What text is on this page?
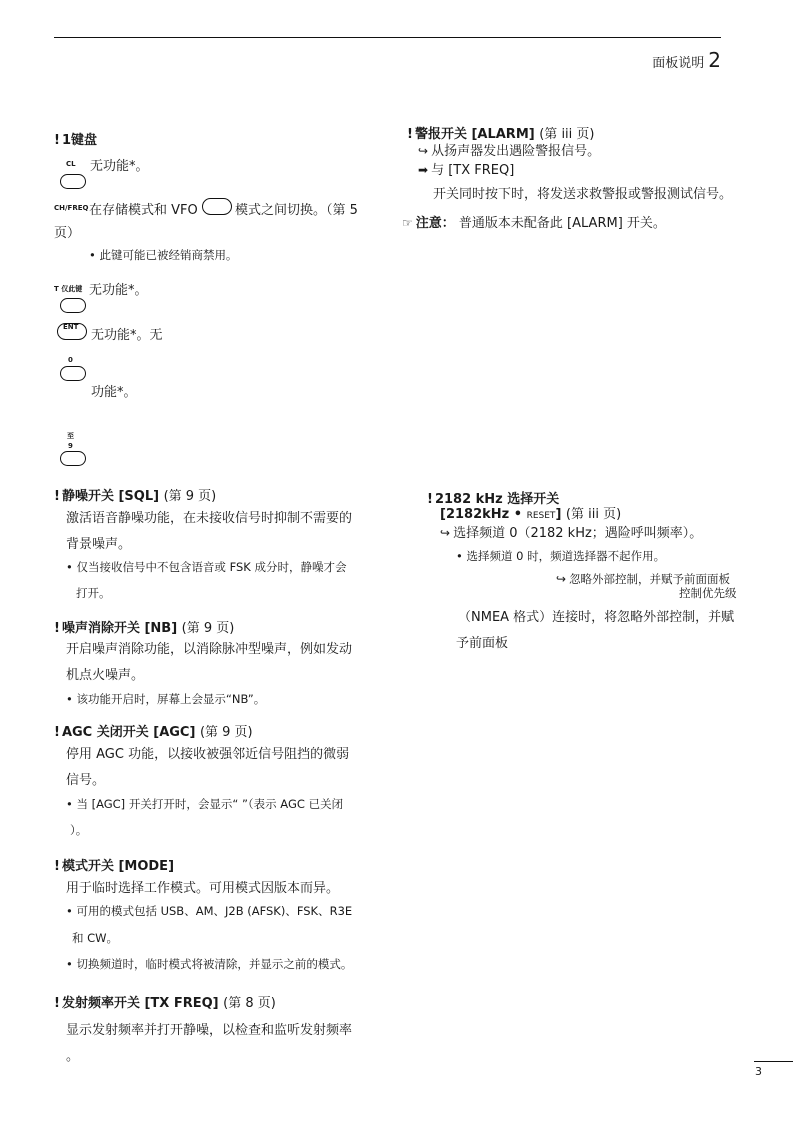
面板说明 2
! 1键盘
CL 无功能*。
CH/FREQ 在存储模式和 VFO	模式之间切换。（第 5
页）
• 此键可能已被经销商禁用。
T 仅此键 无功能*。
ENT
无功能*。无
0
功能*。
至
9
! 静噪开关 [SQL] (第 9 页)
激活语音静噪功能，在未接收信号时抑制不需要的
背景噪声。
• 仅当接收信号中不包含语音或 FSK 成分时，静噪才会
打开。
! 噪声消除开关 [NB] (第 9 页)
开启噪声消除功能，以消除脉冲型噪声，例如发动
机点火噪声。
• 该功能开启时，屏幕上会显示“NB”。
! AGC 关闭开关 [AGC] (第 9 页)
停用 AGC 功能，以接收被强邻近信号阻挡的微弱
信号。
• 当 [AGC] 开关打开时，会显示“ ”（表示 AGC 已关闭
）。
! 模式开关 [MODE]
用于临时选择工作模式。可用模式因版本而异。
• 可用的模式包括 USB、AM、J2B (AFSK)、FSK、R3E
和 CW。
• 切换频道时，临时模式将被清除，并显示之前的模式。
! 发射频率开关 [TX FREQ] (第 8 页)
显示发射频率并打开静噪，以检查和监听发射频率
。
! 警报开关 [ALARM] (第 iii 页)
↪ 从扬声器发出遇险警报信号。
➡ 与 [TX FREQ]
开关同时按下时，将发送求救警报或警报测试信号。
☞ 注意： 普通版本未配备此 [ALARM] 开关。
! 2182 kHz 选择开关
[2182kHz • RESET] (第 iii 页)
↪ 选择频道 0（2182 kHz；遇险呼叫频率）。
• 选择频道 0 时，频道选择器不起作用。
↪ 忽略外部控制，并赋予前面面板
控制优先级
（NMEA 格式）连接时，将忽略外部控制，并赋
予前面板
3
